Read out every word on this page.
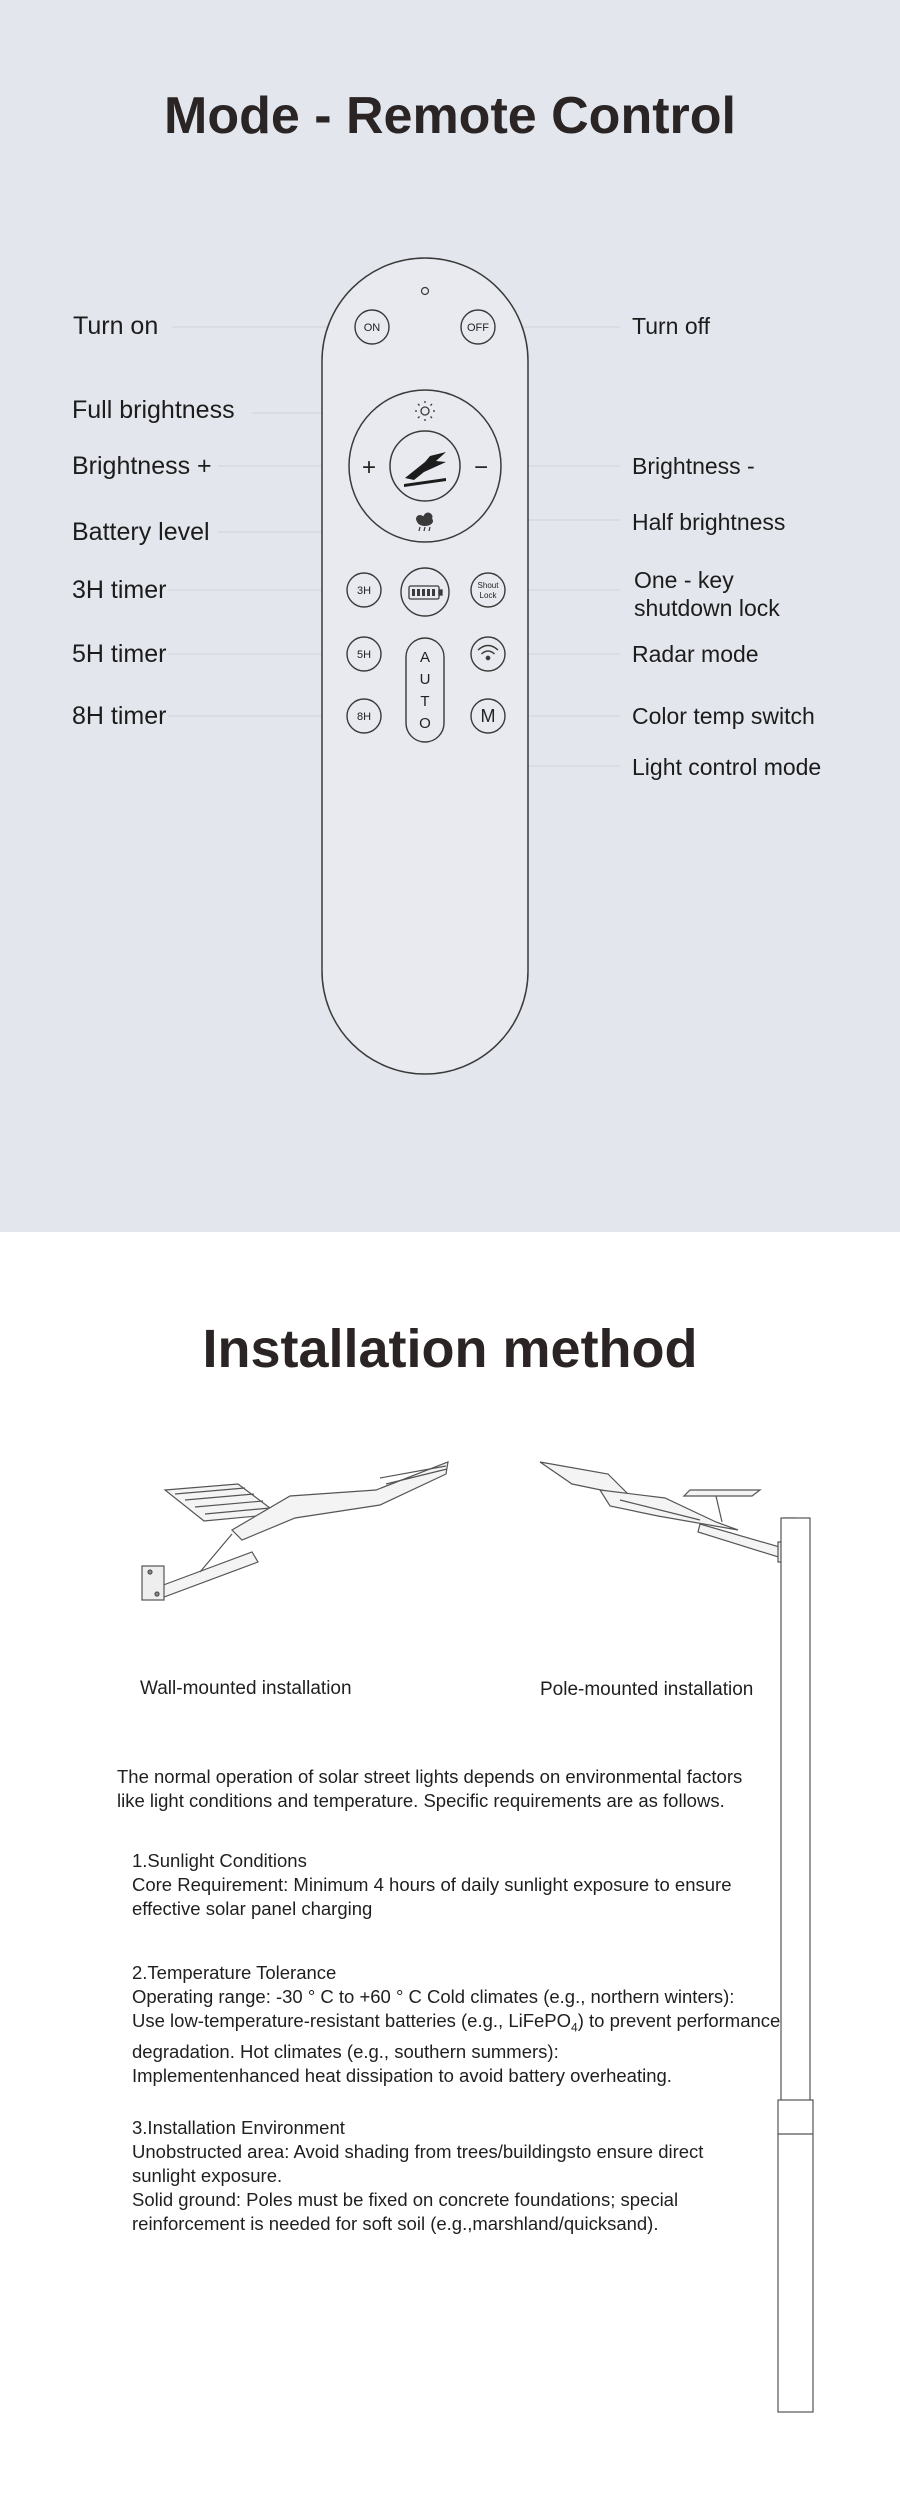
Mode - Remote Control
ON	OFF
+	−
3H
5H
8H
Shout
Lock
M
A
U
T
O
Turn on
Full brightness
Brightness +
Battery level
3H timer
5H timer
8H timer
Turn off
Brightness -
Half brightness
One - key shutdown lock
Radar mode
Color temp switch
Light control mode
Installation method
Wall-mounted installation	Pole-mounted installation

The normal operation of solar street lights depends on environmental factors like light conditions and temperature. Specific requirements are as follows.

1.Sunlight Conditions

Core Requirement: Minimum 4 hours of daily sunlight exposure to ensure effective solar panel charging

2.Temperature Tolerance

Operating range: -30 ° C to +60 ° C Cold climates (e.g., northern winters):

Use low-temperature-resistant batteries (e.g., LiFePO$_4$) to prevent performance degradation. Hot climates (e.g., southern summers):

Implementenhanced heat dissipation to avoid battery overheating.

3.Installation Environment

Unobstructed area: Avoid shading from trees/buildingsto ensure direct sunlight exposure.

Solid ground: Poles must be fixed on concrete foundations; special reinforcement is needed for soft soil (e.g.,marshland/quicksand).
